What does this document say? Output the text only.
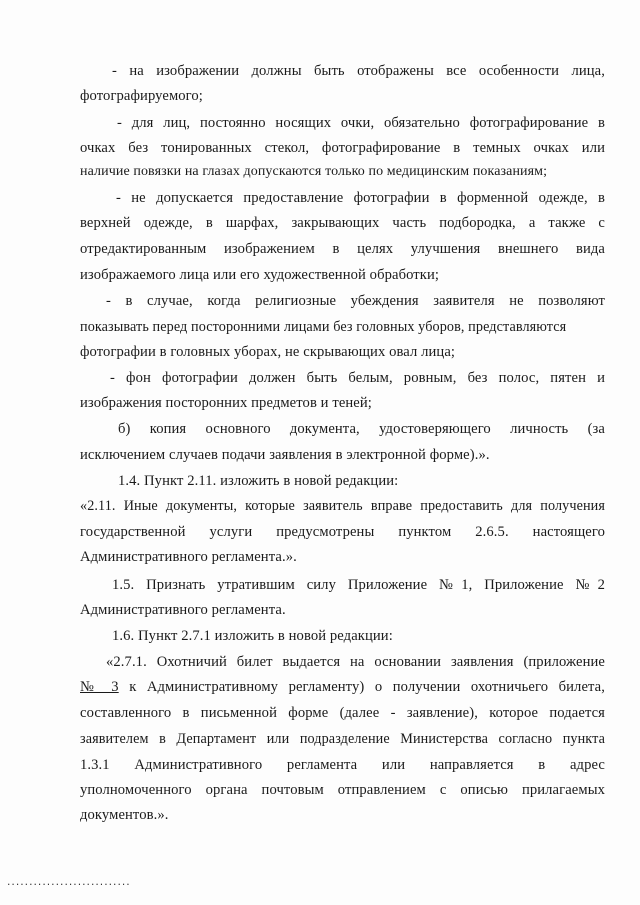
- на изображении должны быть отображены все особенности лица,
фотографируемого;
- для лиц, постоянно носящих очки, обязательно фотографирование в
очках без тонированных стекол, фотографирование в темных очках или
наличие повязки на глазах допускаются только по медицинским показаниям;
- не допускается предоставление фотографии в форменной одежде, в
верхней одежде, в шарфах, закрывающих часть подбородка, а также с
отредактированным изображением в целях улучшения внешнего вида
изображаемого лица или его художественной обработки;
- в случае, когда религиозные убеждения заявителя не позволяют
показывать перед посторонними лицами без головных уборов, представляются
фотографии в головных уборах, не скрывающих овал лица;
- фон фотографии должен быть белым, ровным, без полос, пятен и
изображения посторонних предметов и теней;
б) копия основного документа, удостоверяющего личность (за
исключением случаев подачи заявления в электронной форме).».
1.4. Пункт 2.11. изложить в новой редакции:
«2.11. Иные документы, которые заявитель вправе предоставить для получения
государственной услуги предусмотрены пунктом 2.6.5. настоящего
Административного регламента.».
1.5. Признать утратившим силу Приложение №1, Приложение №2
Административного регламента.
1.6. Пункт 2.7.1 изложить в новой редакции:
«2.7.1. Охотничий билет выдается на основании заявления (приложение
№ 3 к Административному регламенту) о получении охотничьего билета,
составленного в письменной форме (далее - заявление), которое подается
заявителем в Департамент или подразделение Министерства согласно пункта
1.3.1 Административного регламента или направляется в адрес
уполномоченного органа почтовым отправлением с описью прилагаемых
документов.».
............................
